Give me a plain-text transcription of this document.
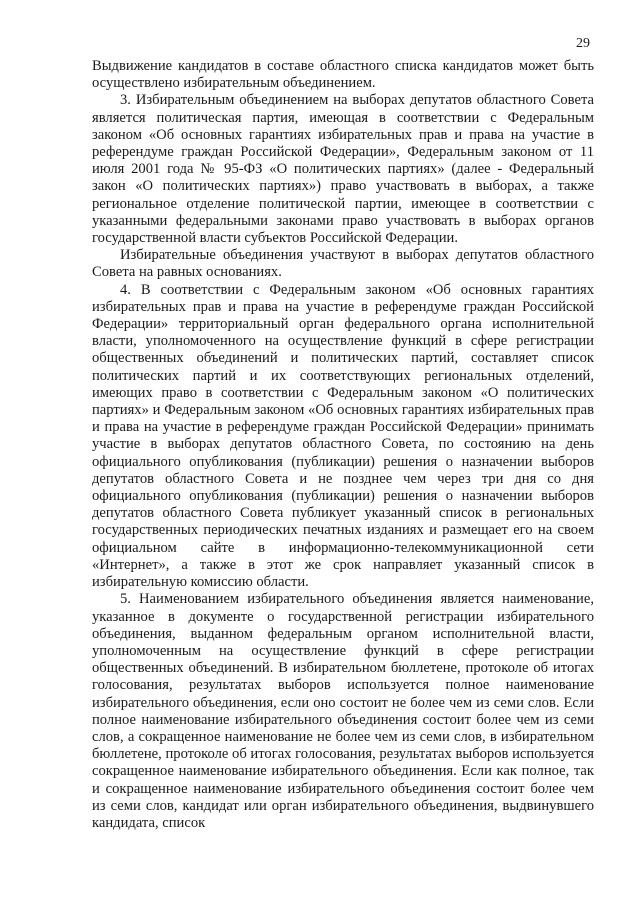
29

Выдвижение кандидатов в составе областного списка кандидатов может быть осуществлено избирательным объединением.

3. Избирательным объединением на выборах депутатов областного Совета является политическая партия, имеющая в соответствии с Федеральным законом «Об основных гарантиях избирательных прав и права на участие в референдуме граждан Российской Федерации», Федеральным законом от 11 июля 2001 года № 95-ФЗ «О политических партиях» (далее - Федеральный закон «О политических партиях») право участвовать в выборах, а также региональное отделение политической партии, имеющее в соответствии с указанными федеральными законами право участвовать в выборах органов государственной власти субъектов Российской Федерации.

Избирательные объединения участвуют в выборах депутатов областного Совета на равных основаниях.

4. В соответствии с Федеральным законом «Об основных гарантиях избирательных прав и права на участие в референдуме граждан Российской Федерации» территориальный орган федерального органа исполнительной власти, уполномоченного на осуществление функций в сфере регистрации общественных объединений и политических партий, составляет список политических партий и их соответствующих региональных отделений, имеющих право в соответствии с Федеральным законом «О политических партиях» и Федеральным законом «Об основных гарантиях избирательных прав и права на участие в референдуме граждан Российской Федерации» принимать участие в выборах депутатов областного Совета, по состоянию на день официального опубликования (публикации) решения о назначении выборов депутатов областного Совета и не позднее чем через три дня со дня официального опубликования (публикации) решения о назначении выборов депутатов областного Совета публикует указанный список в региональных государственных периодических печатных изданиях и размещает его на своем официальном сайте в информационно-телекоммуникационной сети «Интернет», а также в этот же срок направляет указанный список в избирательную комиссию области.

5. Наименованием избирательного объединения является наименование, указанное в документе о государственной регистрации избирательного объединения, выданном федеральным органом исполнительной власти, уполномоченным на осуществление функций в сфере регистрации общественных объединений. В избирательном бюллетене, протоколе об итогах голосования, результатах выборов используется полное наименование избирательного объединения, если оно состоит не более чем из семи слов. Если полное наименование избирательного объединения состоит более чем из семи слов, а сокращенное наименование не более чем из семи слов, в избирательном бюллетене, протоколе об итогах голосования, результатах выборов используется сокращенное наименование избирательного объединения. Если как полное, так и сокращенное наименование избирательного объединения состоит более чем из семи слов, кандидат или орган избирательного объединения, выдвинувшего кандидата, список
